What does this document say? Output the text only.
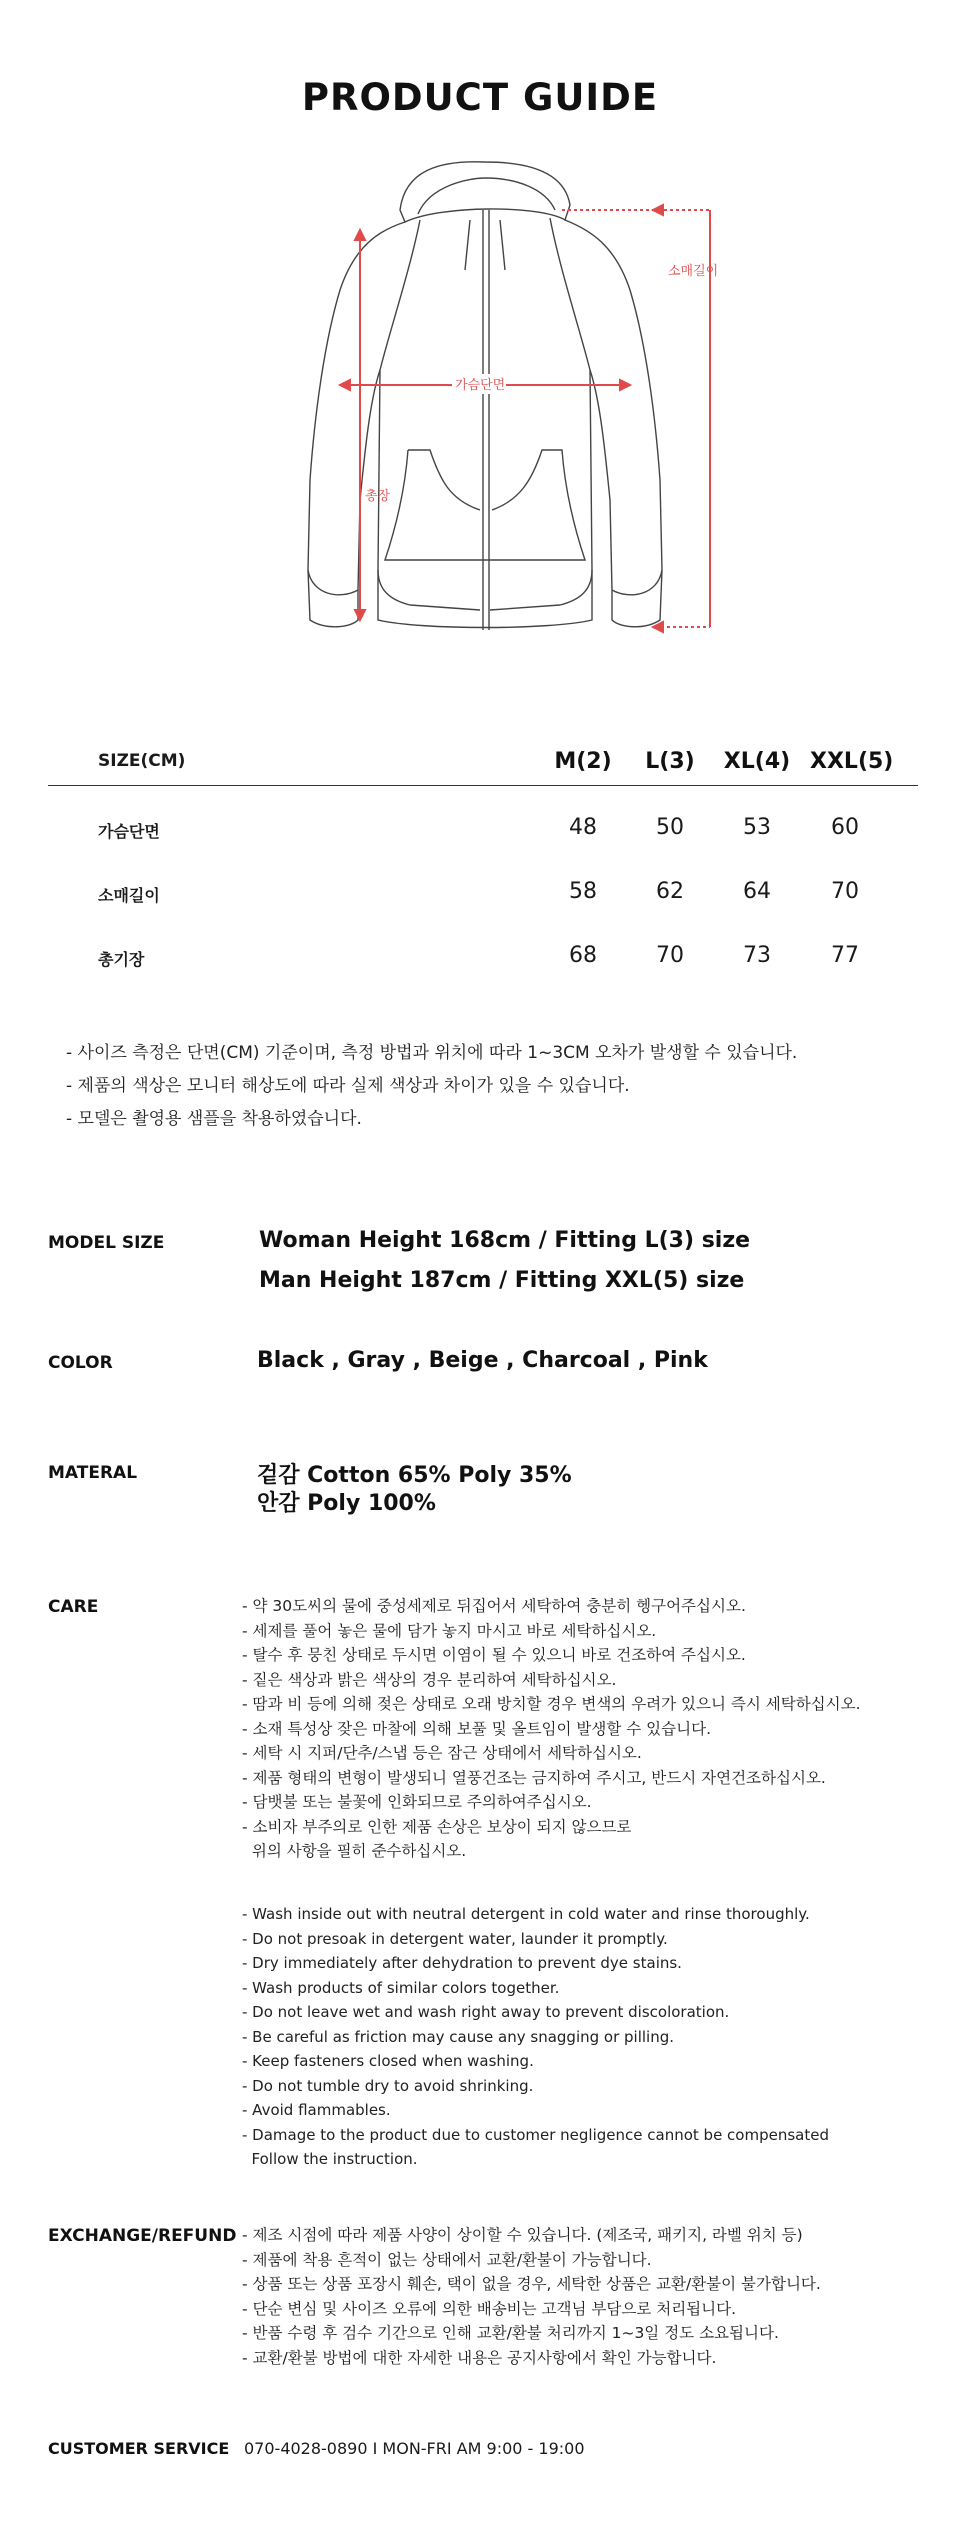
PRODUCT GUIDE
소매길이
가슴단면
총장
SIZE(CM)	M(2)	L(3)	XL(4) XXL(5)
가슴단면	48	50	53	60
소매길이	58	62	64	70
총기장	68	70	73	77
- 사이즈 측정은 단면(CM) 기준이며, 측정 방법과 위치에 따라 1~3CM 오차가 발생할 수 있습니다.
- 제품의 색상은 모니터 해상도에 따라 실제 색상과 차이가 있을 수 있습니다.
- 모델은 촬영용 샘플을 착용하였습니다.
MODEL SIZE	Woman Height 168cm / Fitting L(3) size
Man Height 187cm / Fitting XXL(5) size
COLOR	Black , Gray , Beige , Charcoal , Pink
MATERAL	겉감 Cotton 65% Poly 35%
안감 Poly 100%
CARE	- 약 30도씨의 물에 중성세제로 뒤집어서 세탁하여 충분히 헹구어주십시오.
- 세제를 풀어 놓은 물에 담가 놓지 마시고 바로 세탁하십시오.
- 탈수 후 뭉친 상태로 두시면 이염이 될 수 있으니 바로 건조하여 주십시오.
- 짙은 색상과 밝은 색상의 경우 분리하여 세탁하십시오.
- 땀과 비 등에 의해 젖은 상태로 오래 방치할 경우 변색의 우려가 있으니 즉시 세탁하십시오.
- 소재 특성상 잦은 마찰에 의해 보풀 및 올트임이 발생할 수 있습니다.
- 세탁 시 지퍼/단추/스냅 등은 잠근 상태에서 세탁하십시오.
- 제품 형태의 변형이 발생되니 열풍건조는 금지하여 주시고, 반드시 자연건조하십시오.
- 담뱃불 또는 불꽃에 인화되므로 주의하여주십시오.
- 소비자 부주의로 인한 제품 손상은 보상이 되지 않으므로
위의 사항을 필히 준수하십시오.
- Wash inside out with neutral detergent in cold water and rinse thoroughly.
- Do not presoak in detergent water, launder it promptly.
- Dry immediately after dehydration to prevent dye stains.
- Wash products of similar colors together.
- Do not leave wet and wash right away to prevent discoloration.
- Be careful as friction may cause any snagging or pilling.
- Keep fasteners closed when washing.
- Do not tumble dry to avoid shrinking.
- Avoid flammables.
- Damage to the product due to customer negligence cannot be compensated
Follow the instruction.
EXCHANGE/REFUND - 제조 시점에 따라 제품 사양이 상이할 수 있습니다. (제조국, 패키지, 라벨 위치 등)
- 제품에 착용 흔적이 없는 상태에서 교환/환불이 가능합니다.
- 상품 또는 상품 포장시 훼손, 택이 없을 경우, 세탁한 상품은 교환/환불이 불가합니다.
- 단순 변심 및 사이즈 오류에 의한 배송비는 고객님 부담으로 처리됩니다.
- 반품 수령 후 검수 기간으로 인해 교환/환불 처리까지 1~3일 정도 소요됩니다.
- 교환/환불 방법에 대한 자세한 내용은 공지사항에서 확인 가능합니다.
CUSTOMER SERVICE 070-4028-0890 I MON-FRI AM 9:00 - 19:00
